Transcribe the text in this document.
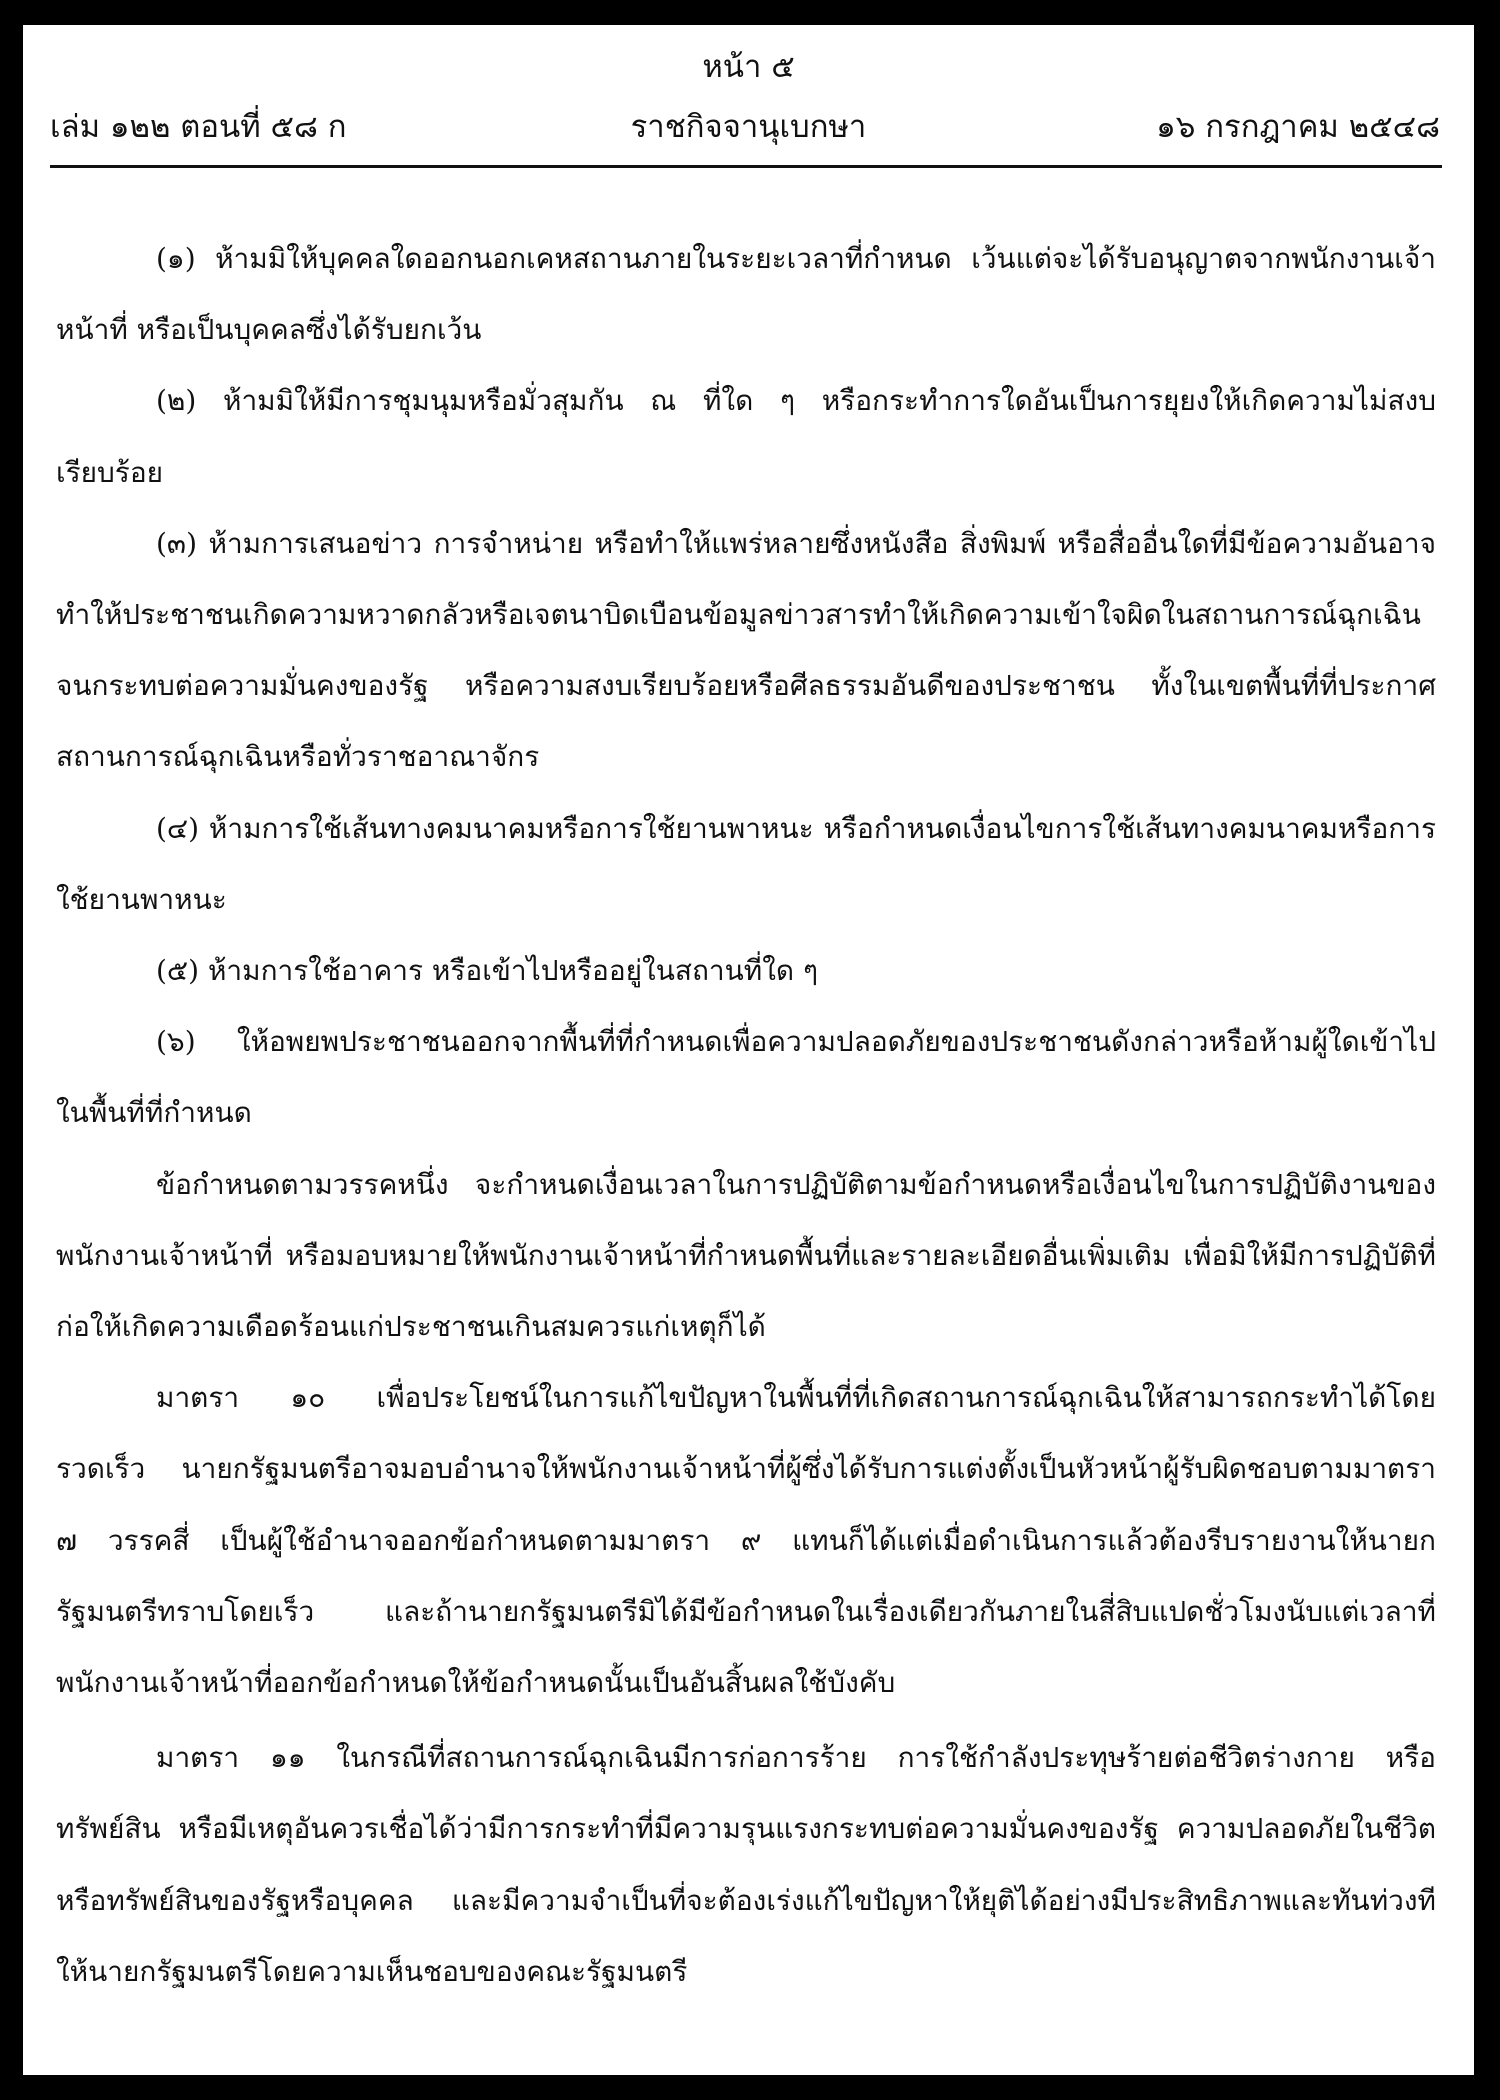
หน้า ๕
เล่ม ๑๒๒ ตอนที่ ๕๘ ก	ราชกิจจานุเบกษา	๑๖ กรกฎาคม ๒๕๔๘

(๑) ห้ามมิให้บุคคลใดออกนอกเคหสถานภายในระยะเวลาที่กำหนด เว้นแต่จะได้รับอนุญาตจากพนักงานเจ้าหน้าที่ หรือเป็นบุคคลซึ่งได้รับยกเว้น

(๒) ห้ามมิให้มีการชุมนุมหรือมั่วสุมกัน ณ ที่ใด ๆ หรือกระทำการใดอันเป็นการยุยงให้เกิดความไม่สงบเรียบร้อย

(๓) ห้ามการเสนอข่าว การจำหน่าย หรือทำให้แพร่หลายซึ่งหนังสือ สิ่งพิมพ์ หรือสื่ออื่นใดที่มีข้อความอันอาจทำให้ประชาชนเกิดความหวาดกลัวหรือเจตนาบิดเบือนข้อมูลข่าวสารทำให้เกิดความเข้าใจผิดในสถานการณ์ฉุกเฉินจนกระทบต่อความมั่นคงของรัฐ หรือความสงบเรียบร้อยหรือศีลธรรมอันดีของประชาชน ทั้งในเขตพื้นที่ที่ประกาศสถานการณ์ฉุกเฉินหรือทั่วราชอาณาจักร

(๔) ห้ามการใช้เส้นทางคมนาคมหรือการใช้ยานพาหนะ หรือกำหนดเงื่อนไขการใช้เส้นทางคมนาคมหรือการใช้ยานพาหนะ

(๕) ห้ามการใช้อาคาร หรือเข้าไปหรืออยู่ในสถานที่ใด ๆ

(๖) ให้อพยพประชาชนออกจากพื้นที่ที่กำหนดเพื่อความปลอดภัยของประชาชนดังกล่าวหรือห้ามผู้ใดเข้าไปในพื้นที่ที่กำหนด

ข้อกำหนดตามวรรคหนึ่ง จะกำหนดเงื่อนเวลาในการปฏิบัติตามข้อกำหนดหรือเงื่อนไขในการปฏิบัติงานของพนักงานเจ้าหน้าที่ หรือมอบหมายให้พนักงานเจ้าหน้าที่กำหนดพื้นที่และรายละเอียดอื่นเพิ่มเติม เพื่อมิให้มีการปฏิบัติที่ก่อให้เกิดความเดือดร้อนแก่ประชาชนเกินสมควรแก่เหตุก็ได้

มาตรา ๑๐ เพื่อประโยชน์ในการแก้ไขปัญหาในพื้นที่ที่เกิดสถานการณ์ฉุกเฉินให้สามารถกระทำได้โดยรวดเร็ว นายกรัฐมนตรีอาจมอบอำนาจให้พนักงานเจ้าหน้าที่ผู้ซึ่งได้รับการแต่งตั้งเป็นหัวหน้าผู้รับผิดชอบตามมาตรา ๗ วรรคสี่ เป็นผู้ใช้อำนาจออกข้อกำหนดตามมาตรา ๙ แทนก็ได้แต่เมื่อดำเนินการแล้วต้องรีบรายงานให้นายกรัฐมนตรีทราบโดยเร็ว และถ้านายกรัฐมนตรีมิได้มีข้อกำหนดในเรื่องเดียวกันภายในสี่สิบแปดชั่วโมงนับแต่เวลาที่พนักงานเจ้าหน้าที่ออกข้อกำหนดให้ข้อกำหนดนั้นเป็นอันสิ้นผลใช้บังคับ

มาตรา ๑๑ ในกรณีที่สถานการณ์ฉุกเฉินมีการก่อการร้าย การใช้กำลังประทุษร้ายต่อชีวิตร่างกาย หรือทรัพย์สิน หรือมีเหตุอันควรเชื่อได้ว่ามีการกระทำที่มีความรุนแรงกระทบต่อความมั่นคงของรัฐ ความปลอดภัยในชีวิตหรือทรัพย์สินของรัฐหรือบุคคล และมีความจำเป็นที่จะต้องเร่งแก้ไขปัญหาให้ยุติได้อย่างมีประสิทธิภาพและทันท่วงที ให้นายกรัฐมนตรีโดยความเห็นชอบของคณะรัฐมนตรี
